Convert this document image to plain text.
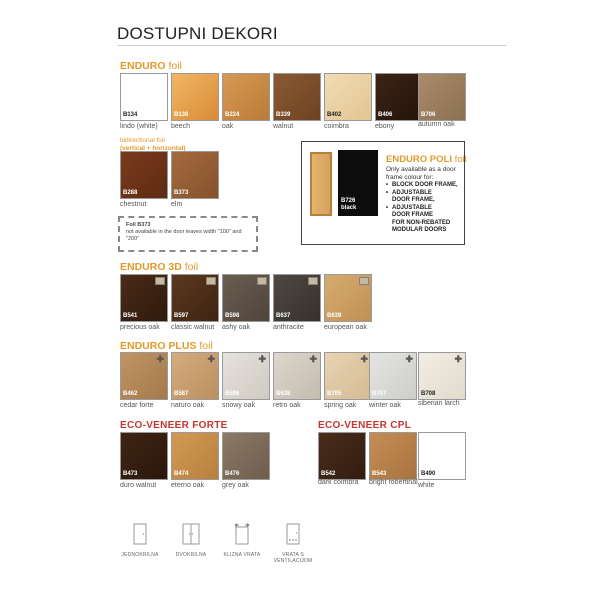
DOSTUPNI DEKORI
ENDURO foil
B134
lindo (white)
B136
beech
B224
oak
B339
walnut
B402
coimbra
B406
ebony
B706
autumn oak
bidirectional foil
(vertical + horizontal)
B288
chestnut
B373
elm
Foil B373
not available in the door leaves width "100" and "200"
B726
black
ENDURO POLI foil
Only available as a door frame colour for:
• BLOCK DOOR FRAME,
• ADJUSTABLE
DOOR FRAME,
• ADJUSTABLE
DOOR FRAME
FOR NON-REBATED
MODULAR DOORS
ENDURO 3D foil
B541
precious oak
B597
classic walnut
B598
ashy oak
B637
anthracite
B639
european oak
ENDURO PLUS foil
✚
B462
cedar forte
✚
B587
naturo oak
✚
B596
snowy oak
✚
B638
retro oak
✚
B705
spring oak
✚
B707
winter oak
✚
B708
siberian larch
ECO-VENEER FORTE
B473
duro walnut
B474
eterno oak
B476
grey oak
ECO-VENEER CPL
B542
dark coimbra
B543
bright robertinal
B490
white
JEDNOKRILNA	DVOKRILNA	KLIZNA VRATA	VRATA S VENTILACIJOM
